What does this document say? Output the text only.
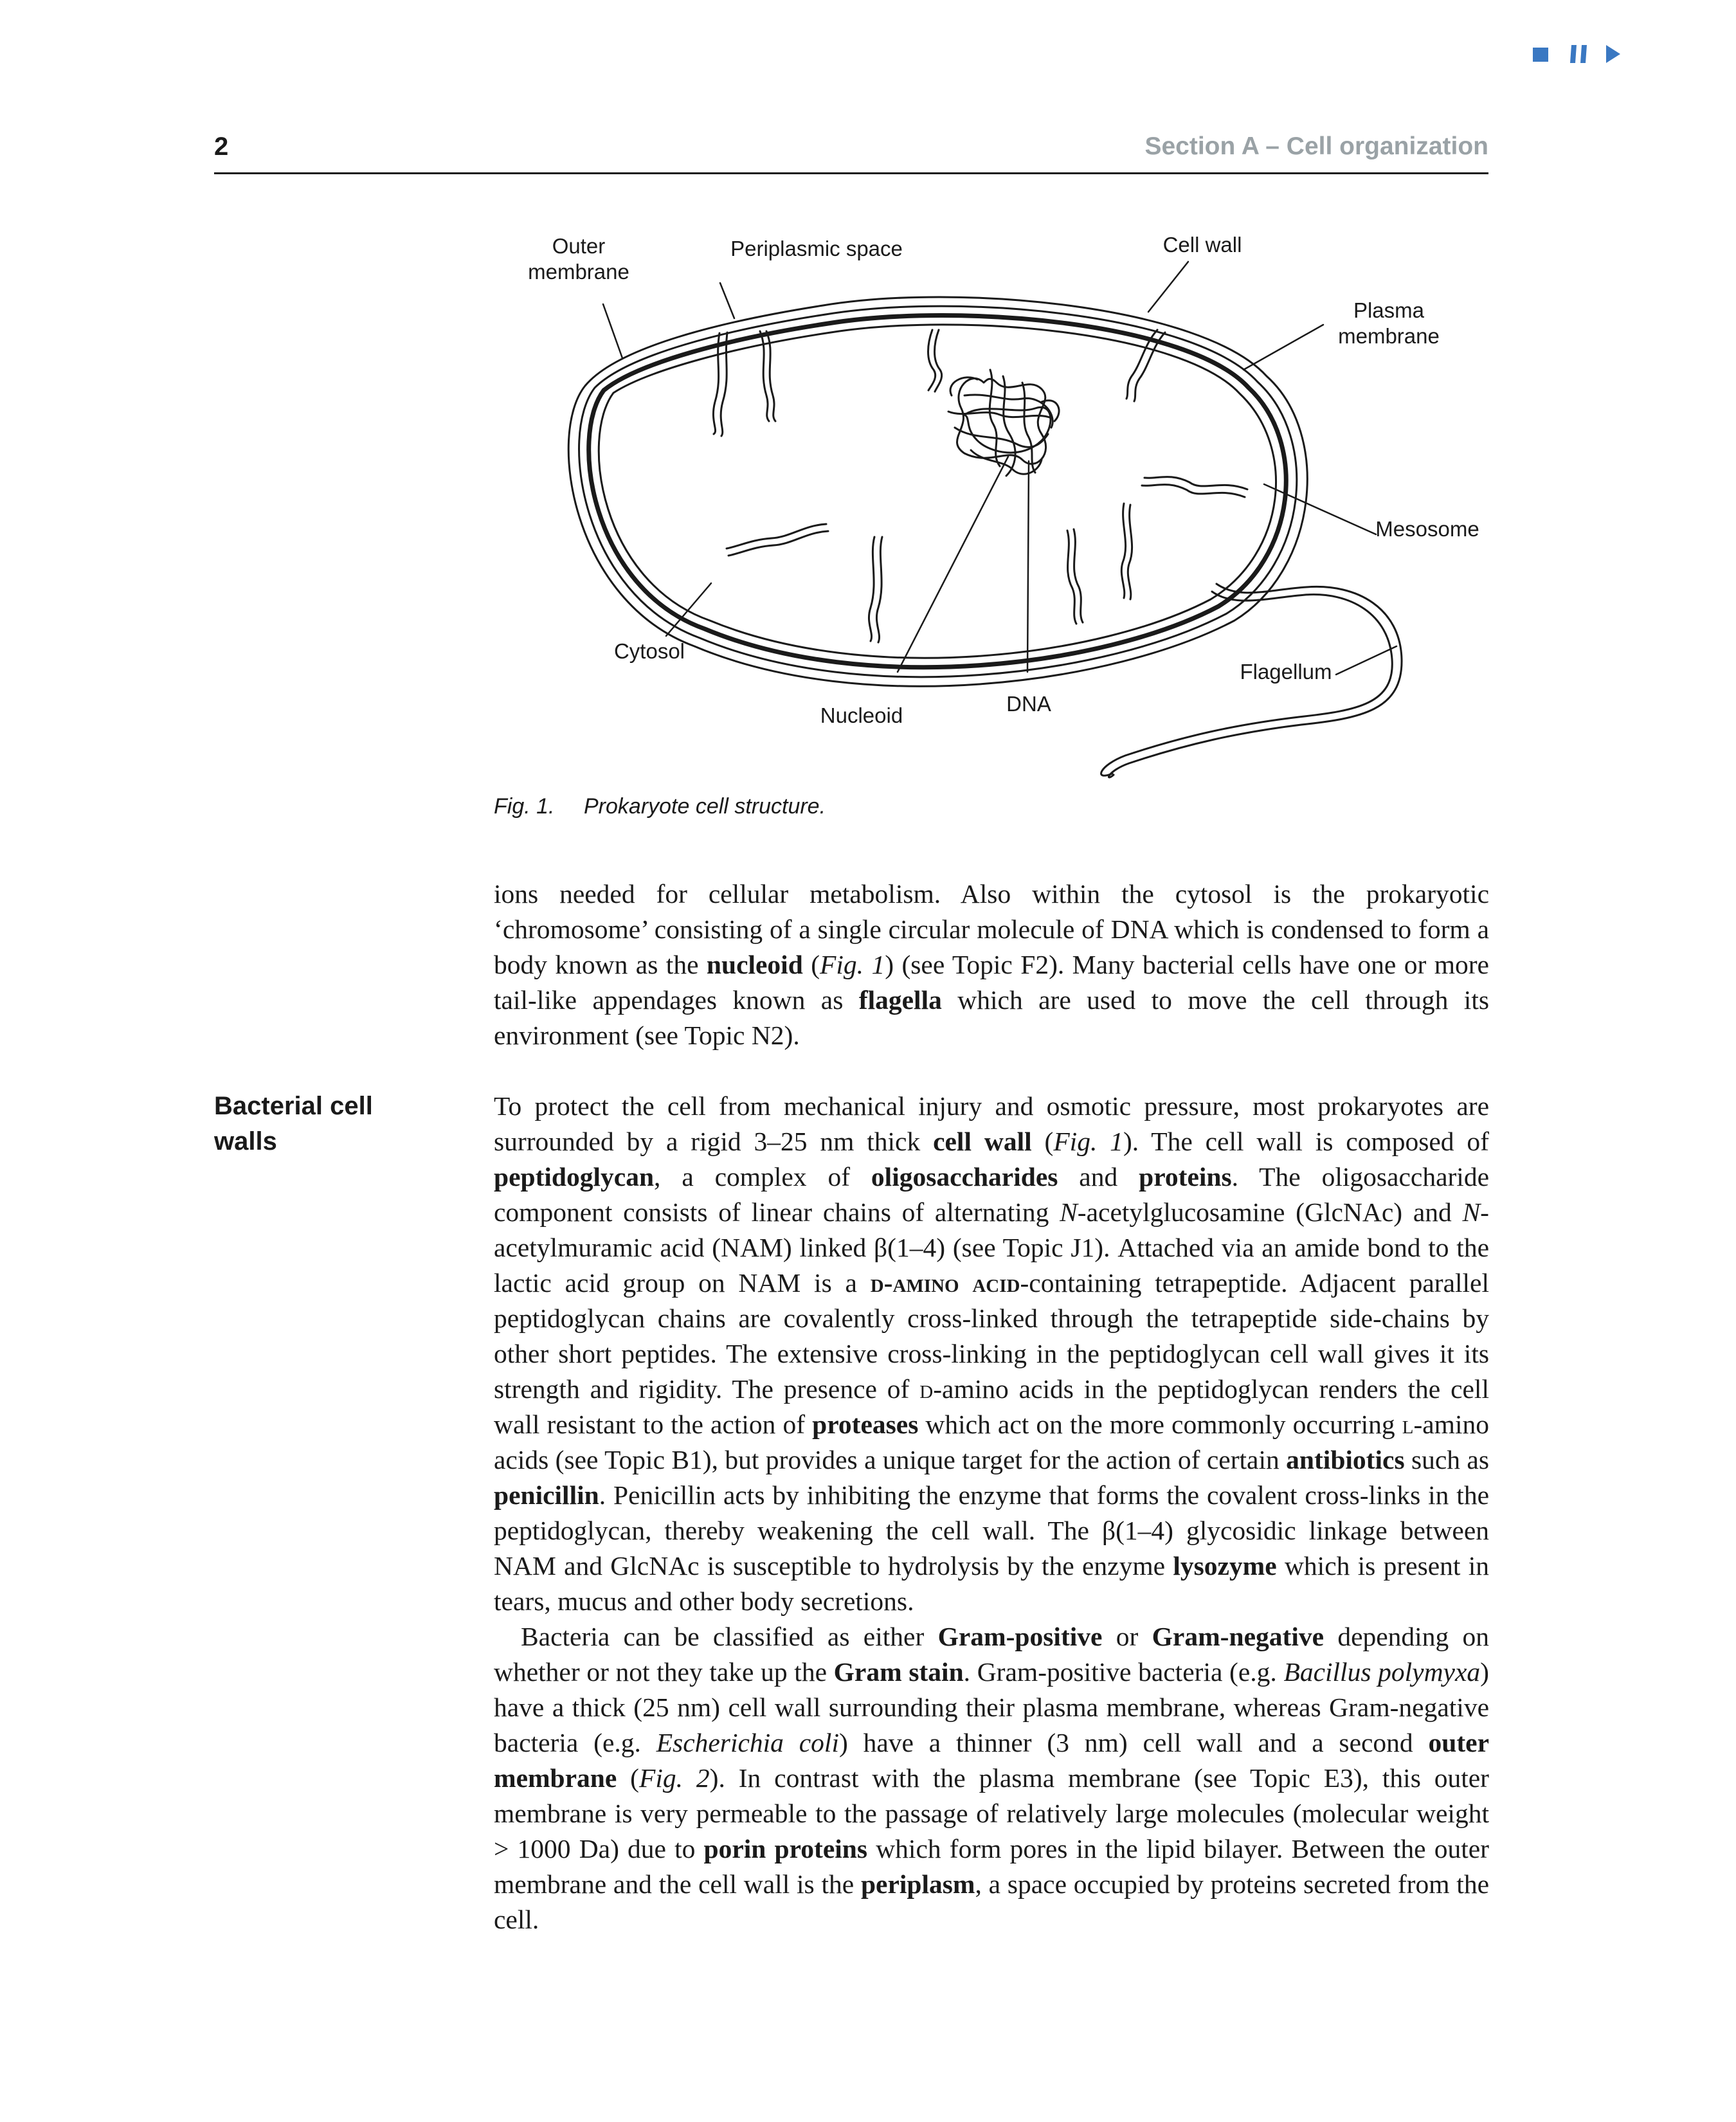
2	Section A – Cell organization
Outer
membrane
Periplasmic space	Cell wall
Plasma
membrane
Mesosome
Cytosol
Flagellum
Nucleoid	DNA
Fig. 1. Prokaryote cell structure.

ions needed for cellular metabolism. Also within the cytosol is the prokaryotic ‘chromosome’ consisting of a single circular molecule of DNA which is condensed to form a body known as the nucleoid (Fig. 1) (see Topic F2). Many bacterial cells have one or more tail-like appendages known as flagella which are used to move the cell through its environment (see Topic N2).

Bacterial cell
walls

To protect the cell from mechanical injury and osmotic pressure, most prokaryotes are surrounded by a rigid 3–25 nm thick cell wall (Fig. 1). The cell wall is composed of peptidoglycan, a complex of oligosaccharides and proteins. The oligosaccharide component consists of linear chains of alternating N-acetylglucosamine (GlcNAc) and N-acetylmuramic acid (NAM) linked β(1–4) (see Topic J1). Attached via an amide bond to the lactic acid group on NAM is a d-amino acid-containing tetrapeptide. Adjacent parallel peptidoglycan chains are covalently cross-linked through the tetrapeptide side-chains by other short peptides. The extensive cross-linking in the peptidoglycan cell wall gives it its strength and rigidity. The presence of d-amino acids in the peptidoglycan renders the cell wall resistant to the action of proteases which act on the more commonly occurring l-amino acids (see Topic B1), but provides a unique target for the action of certain antibiotics such as penicillin. Penicillin acts by inhibiting the enzyme that forms the covalent cross-links in the peptidoglycan, thereby weakening the cell wall. The β(1–4) glycosidic linkage between NAM and GlcNAc is susceptible to hydrolysis by the enzyme lysozyme which is present in tears, mucus and other body secretions.

Bacteria can be classified as either Gram-positive or Gram-negative depending on whether or not they take up the Gram stain. Gram-positive bacteria (e.g. Bacillus polymyxa) have a thick (25 nm) cell wall surrounding their plasma membrane, whereas Gram-negative bacteria (e.g. Escherichia coli) have a thinner (3 nm) cell wall and a second outer membrane (Fig. 2). In contrast with the plasma membrane (see Topic E3), this outer membrane is very permeable to the passage of relatively large molecules (molecular weight > 1000 Da) due to porin proteins which form pores in the lipid bilayer. Between the outer membrane and the cell wall is the periplasm, a space occupied by proteins secreted from the cell.
